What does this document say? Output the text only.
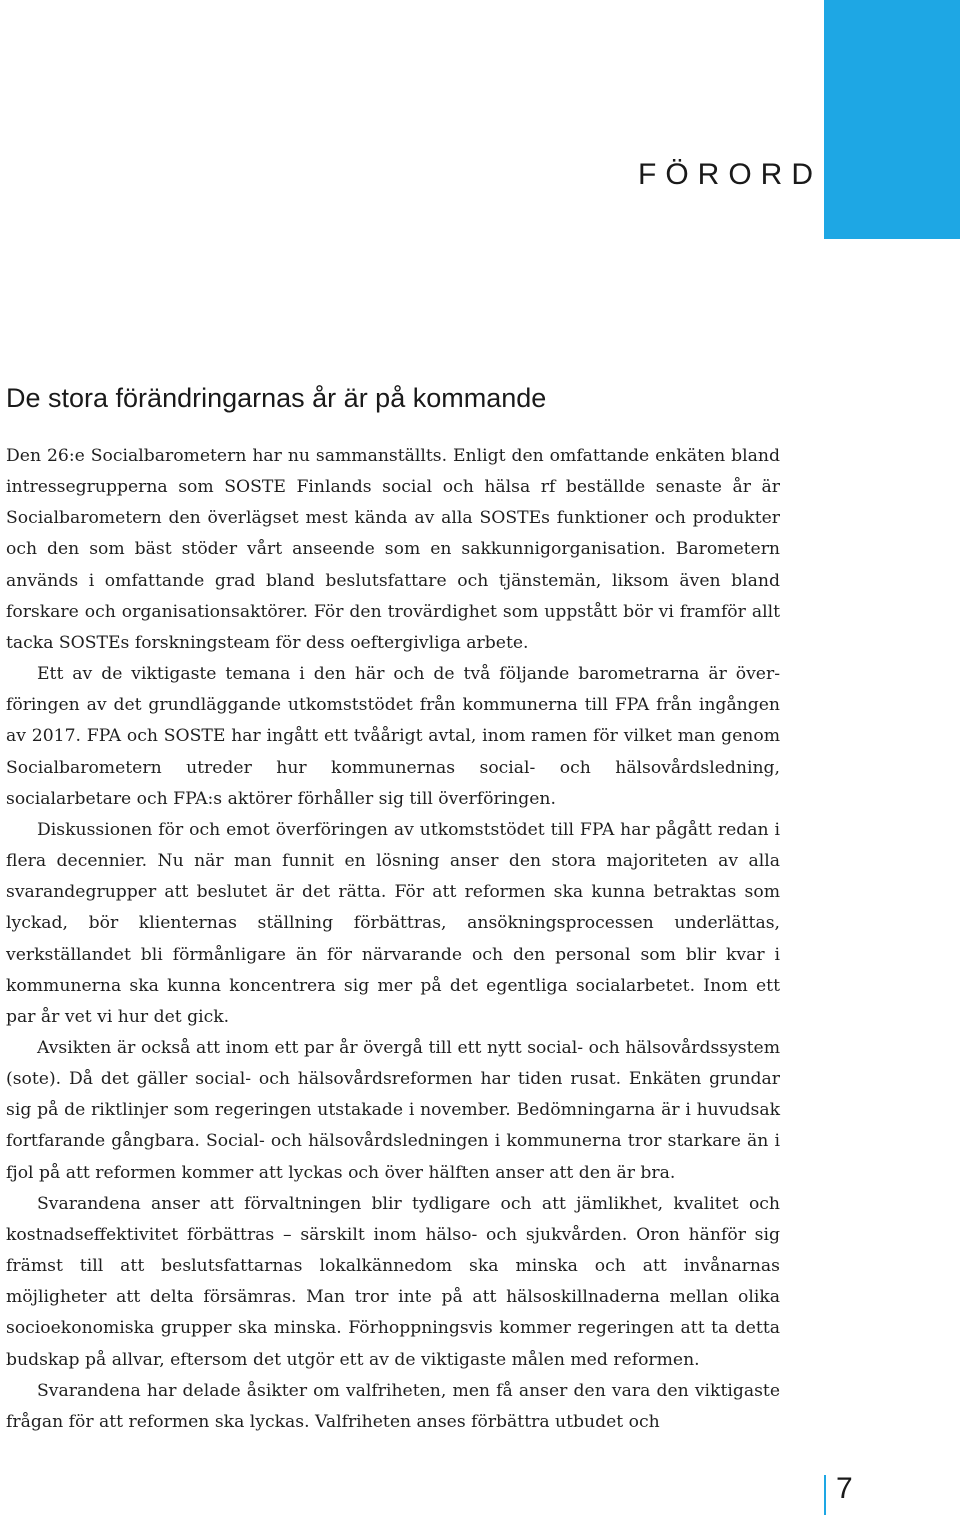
FÖRORD
De stora förändringarnas år är på kommande

Den 26:e Socialbarometern har nu sammanställts. Enligt den omfattande enkäten bland intressegrupperna som SOSTE Finlands social och hälsa rf beställde senaste år är Socialbarometern den överlägset mest kända av alla SOSTEs funktioner och produkter och den som bäst stöder vårt anseende som en sakkunnigorganisation. Barometern används i omfattande grad bland beslutsfattare och tjänstemän, liksom även bland forskare och organisationsaktörer. För den trovärdighet som uppstått bör vi framför allt tacka SOSTEs forskningsteam för dess oeftergivliga arbete.

Ett av de viktigaste temana i den här och de två följande barometrarna är överföringen av det grundläggande utkomststödet från kommunerna till FPA från ingången av 2017. FPA och SOSTE har ingått ett tvåårigt avtal, inom ramen för vilket man genom Socialbarometern utreder hur kommunernas social- och hälsovårdsledning, socialarbetare och FPA:s aktörer förhåller sig till överföringen.

Diskussionen för och emot överföringen av utkomststödet till FPA har pågått redan i flera decennier. Nu när man funnit en lösning anser den stora majoriteten av alla svarandegrupper att beslutet är det rätta. För att reformen ska kunna betraktas som lyckad, bör klienternas ställning förbättras, ansökningsprocessen underlättas, verkställandet bli förmånligare än för närvarande och den personal som blir kvar i kommunerna ska kunna koncentrera sig mer på det egentliga socialarbetet. Inom ett par år vet vi hur det gick.

Avsikten är också att inom ett par år övergå till ett nytt social- och hälsovårdssystem (sote). Då det gäller social- och hälsovårdsreformen har tiden rusat. Enkäten grundar sig på de riktlinjer som regeringen utstakade i november. Bedömningarna är i huvudsak fortfarande gångbara. Social- och hälsovårdsledningen i kommunerna tror starkare än i fjol på att reformen kommer att lyckas och över hälften anser att den är bra.

Svarandena anser att förvaltningen blir tydligare och att jämlikhet, kvalitet och kostnadseffektivitet förbättras – särskilt inom hälso- och sjukvården. Oron hänför sig främst till att beslutsfattarnas lokalkännedom ska minska och att invånarnas möjligheter att delta försämras. Man tror inte på att hälsoskillnaderna mellan olika socioekonomiska grupper ska minska. Förhoppningsvis kommer regeringen att ta detta budskap på allvar, eftersom det utgör ett av de viktigaste målen med reformen.

Svarandena har delade åsikter om valfriheten, men få anser den vara den viktigaste frågan för att reformen ska lyckas. Valfriheten anses förbättra utbudet och

7
